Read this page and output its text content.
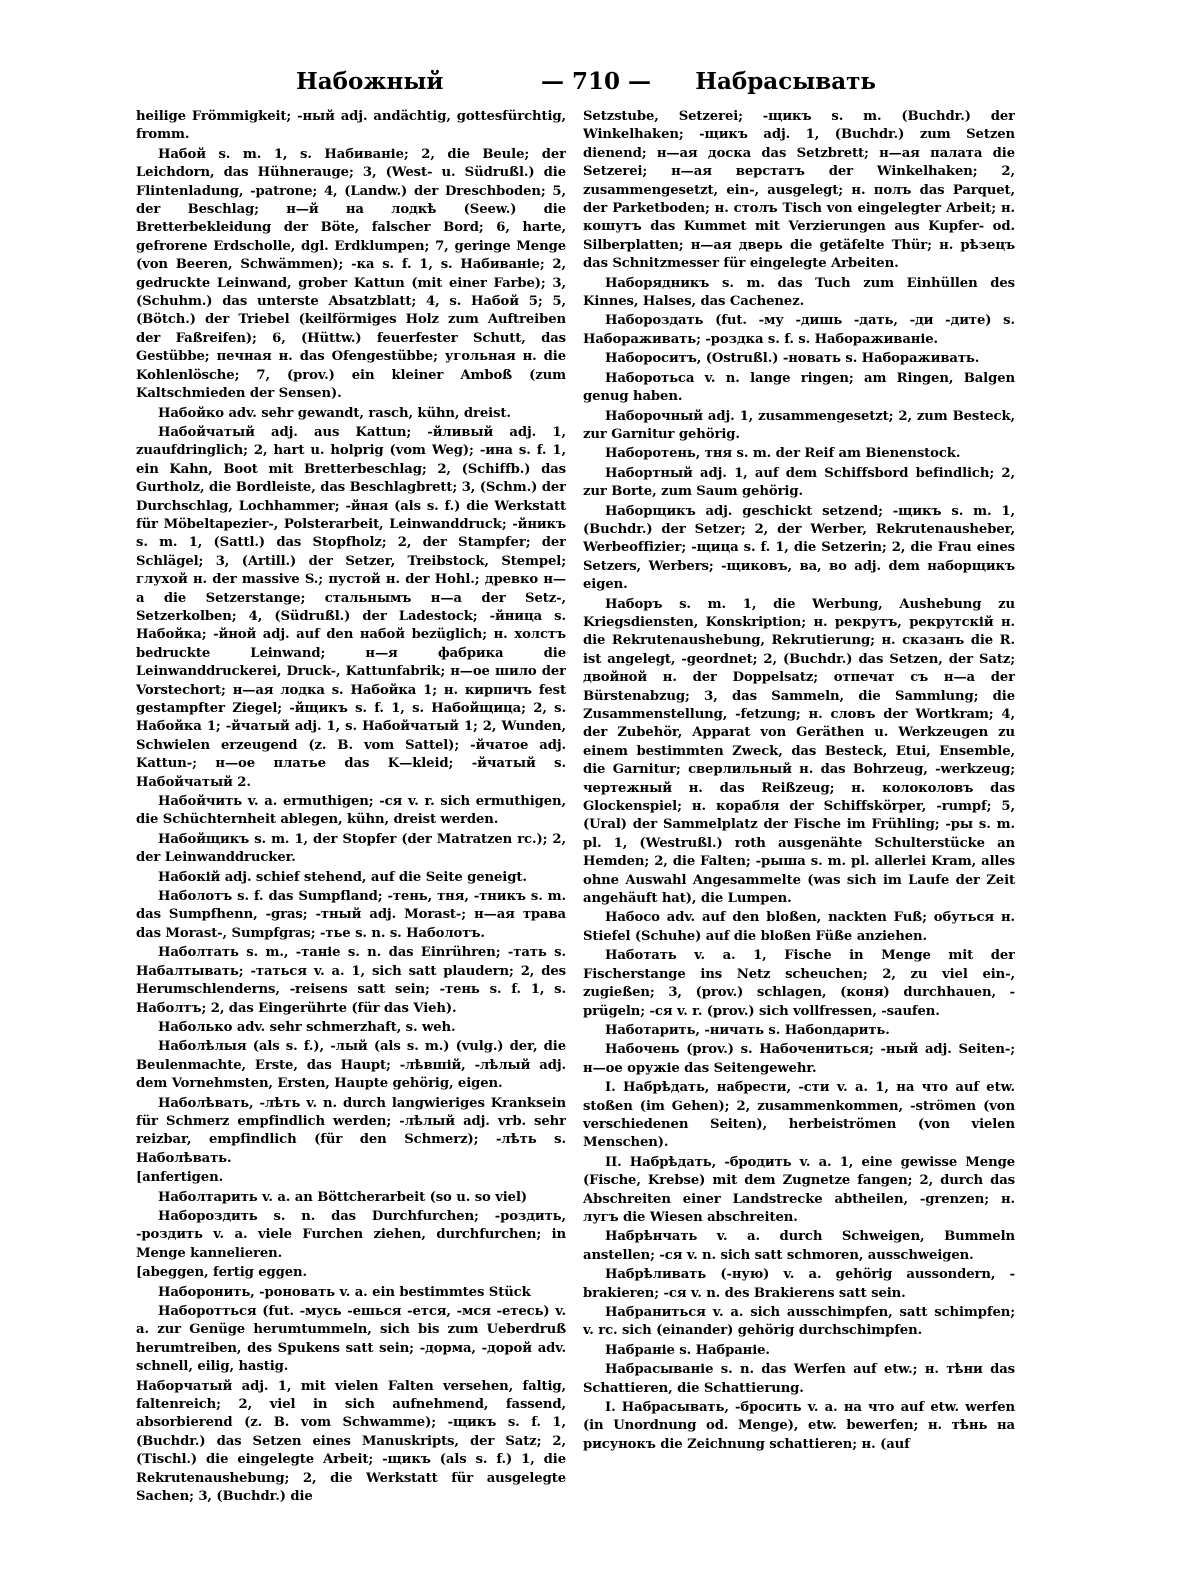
Набожный	— 710 — Набрасывать

heilige Frömmigkeit; -ный adj. andächtig, gottesfürchtig, fromm.

Набой s. m. 1, s. Набиваніе; 2, die Beule; der Leichdorn, das Hühnerauge; 3, (West- u. Südrußl.) die Flintenladung, -patrone; 4, (Landw.) der Dreschboden; 5, der Beschlag; н—й на лодкѣ (Seew.) die Bretterbekleidung der Böte, falscher Bord; 6, harte, gefrorene Erdscholle, dgl. Erdklumpen; 7, geringe Menge (von Beeren, Schwämmen); -ка s. f. 1, s. Набиваніе; 2, gedruckte Leinwand, grober Kattun (mit einer Farbe); 3, (Schuhm.) das unterste Absatzblatt; 4, s. Набой 5; 5, (Bötch.) der Triebel (keilförmiges Holz zum Auftreiben der Faßreifen); 6, (Hüttw.) feuerfester Schutt, das Gestübbe; печная н. das Ofengestübbe; угольная н. die Kohlenlösche; 7, (prov.) ein kleiner Amboß (zum Kaltschmieden der Sensen).

Набойко adv. sehr gewandt, rasch, kühn, dreist.

Набойчатый adj. aus Kattun; -йливый adj. 1, zuaufdringlich; 2, hart u. holprig (vom Weg); -ина s. f. 1, ein Kahn, Boot mit Bretterbeschlag; 2, (Schiffb.) das Gurtholz, die Bordleiste, das Beschlagbrett; 3, (Schm.) der Durchschlag, Lochhammer; -йная (als s. f.) die Werkstatt für Möbeltapezier-, Polsterarbeit, Leinwanddruck; -йникъ s. m. 1, (Sattl.) das Stopfholz; 2, der Stampfer; der Schlägel; 3, (Artill.) der Setzer, Treibstock, Stempel; глухой н. der massive S.; пустой н. der Hohl.; древко н—а die Setzerstange; стальнымъ н—а der Setz-, Setzerkolben; 4, (Südrußl.) der Ladestock; -йница s. Набойка; -йной adj. auf den набой bezüglich; н. холстъ bedruckte Leinwand; н—я фабрика die Leinwanddruckerei, Druck-, Kattunfabrik; н—ое шило der Vorstechort; н—ая лодка s. Набойка 1; н. кирпичъ fest gestampfter Ziegel; -йщикъ s. f. 1, s. Набойщица; 2, s. Набойка 1; -йчатый adj. 1, s. Набойчатый 1; 2, Wunden, Schwielen erzeugend (z. B. vom Sattel); -йчатое adj. Kattun-; н—ое платье das K—kleid; -йчатый s. Набойчатый 2.

Набойчить v. a. ermuthigen; -ся v. r. sich ermuthigen, die Schüchternheit ablegen, kühn, dreist werden.

Набойщикъ s. m. 1, der Stopfer (der Matratzen rc.); 2, der Leinwanddrucker.

Набокій adj. schief stehend, auf die Seite geneigt.

Наболотъ s. f. das Sumpfland; -тень, тня, -тникъ s. m. das Sumpfhenn, -gras; -тный adj. Morast-; н—ая трава das Morast-, Sumpfgras; -тье s. n. s. Наболотъ.

Наболтать s. m., -таніе s. n. das Einrühren; -тать s. Набалтывать; -таться v. a. 1, sich satt plaudern; 2, des Herumschlenderns, -reisens satt sein; -тень s. f. 1, s. Наболтъ; 2, das Eingerührte (für das Vieh).

Наболько adv. sehr schmerzhaft, s. weh.

Наболѣлыя (als s. f.), -лый (als s. m.) (vulg.) der, die Beulenmachte, Erste, das Haupt; -лѣвшій, -лѣлый adj. dem Vornehmsten, Ersten, Haupte gehörig, eigen.

Наболѣвать, -лѣть v. n. durch langwieriges Kranksein für Schmerz empfindlich werden; -лѣлый adj. vrb. sehr reizbar, empfindlich (für den Schmerz); -лѣть s. Наболѣвать.

[anfertigen.

Наболтарить v. a. an Böttcherarbeit (so u. so viel)

Набороздить s. n. das Durchfurchen; -роздить, -роздить v. a. viele Furchen ziehen, durchfurchen; in Menge kannelieren.

[abeggen, fertig eggen.

Наборонить, -роновать v. a. ein bestimmtes Stück

Наборотться (fut. -мусь -ешься -ется, -мся -етесь) v. a. zur Genüge herumtummeln, sich bis zum Ueberdruß herumtreiben, des Spukens satt sein; -дорма, -дорой adv. schnell, eilig, hastig.

Наборчатый adj. 1, mit vielen Falten versehen, faltig, faltenreich; 2, viel in sich aufnehmend, fassend, absorbierend (z. B. vom Schwamme); -щикъ s. f. 1, (Buchdr.) das Setzen eines Manuskripts, der Satz; 2, (Tischl.) die eingelegte Arbeit; -щикъ (als s. f.) 1, die Rekrutenaushebung; 2, die Werkstatt für ausgelegte Sachen; 3, (Buchdr.) die

Setzstube, Setzerei; -щикъ s. m. (Buchdr.) der Winkelhaken; -щикъ adj. 1, (Buchdr.) zum Setzen dienend; н—ая доска das Setzbrett; н—ая палата die Setzerei; н—ая верстатъ der Winkelhaken; 2, zusammengesetzt, ein-, ausgelegt; н. полъ das Parquet, der Parketboden; н. столъ Tisch von eingelegter Arbeit; н. кошутъ das Kummet mit Verzierungen aus Kupfer- od. Silberplatten; н—ая дверь die getäfelte Thür; н. рѣзецъ das Schnitzmesser für eingelegte Arbeiten.

Наборядникъ s. m. das Tuch zum Einhüllen des Kinnes, Halses, das Cachenez.

Набороздать (fut. -му -дишь -дать, -ди -дите) s. Набораживать; -роздка s. f. s. Набораживаніе.

Набороситъ, (Ostrußl.) -новать s. Набораживать.

Наборотьса v. n. lange ringen; am Ringen, Balgen genug haben.

Наборочный adj. 1, zusammengesetzt; 2, zum Besteck, zur Garnitur gehörig.

Наборотень, тня s. m. der Reif am Bienenstock.

Набортный adj. 1, auf dem Schiffsbord befindlich; 2, zur Borte, zum Saum gehörig.

Наборщикъ adj. geschickt setzend; -щикъ s. m. 1, (Buchdr.) der Setzer; 2, der Werber, Rekrutenausheber, Werbeoffizier; -щица s. f. 1, die Setzerin; 2, die Frau eines Setzers, Werbers; -щиковъ, ва, во adj. dem наборщикъ eigen.

Наборъ s. m. 1, die Werbung, Aushebung zu Kriegsdiensten, Konskription; н. рекрутъ, рекрутскій н. die Rekrutenaushebung, Rekrutierung; н. сказанъ die R. ist angelegt, -geordnet; 2, (Buchdr.) das Setzen, der Satz; двойной н. der Doppelsatz; отпечат съ н—а der Bürstenabzug; 3, das Sammeln, die Sammlung; die Zusammenstellung, -fetzung; н. словъ der Wortkram; 4, der Zubehör, Apparat von Geräthen u. Werkzeugen zu einem bestimmten Zweck, das Besteck, Etui, Ensemble, die Garnitur; сверлильный н. das Bohrzeug, -werkzeug; чертежный н. das Reißzeug; н. колоколовъ das Glockenspiel; н. корабля der Schiffskörper, -rumpf; 5, (Ural) der Sammelplatz der Fische im Frühling; -ры s. m. pl. 1, (Westrußl.) roth ausgenähte Schulterstücke an Hemden; 2, die Falten; -рыша s. m. pl. allerlei Kram, alles ohne Auswahl Angesammelte (was sich im Laufe der Zeit angehäuft hat), die Lumpen.

Набосо adv. auf den bloßen, nackten Fuß; обуться н. Stiefel (Schuhe) auf die bloßen Füße anziehen.

Наботать v. a. 1, Fische in Menge mit der Fischerstange ins Netz scheuchen; 2, zu viel ein-, zugießen; 3, (prov.) schlagen, (коня) durchhauen, -prügeln; -ся v. r. (prov.) sich vollfressen, -saufen.

Наботарить, -ничать s. Набоnдарить.

Набочень (prov.) s. Набочениться; -ный adj. Seiten-; н—ое оружіе das Seitengewehr.

I. Набрѣдать, набрести, -сти v. a. 1, на что auf etw. stoßen (im Gehen); 2, zusammenkommen, -strömen (von verschiedenen Seiten), herbeiströmen (von vielen Menschen).

II. Набрѣдать, -бродить v. a. 1, eine gewisse Menge (Fische, Krebse) mit dem Zugnetze fangen; 2, durch das Abschreiten einer Landstrecke abtheilen, -grenzen; н. лугъ die Wiesen abschreiten.

Набрѣнчать v. a. durch Schweigen, Bummeln anstellen; -ся v. n. sich satt schmoren, ausschweigen.

Набрѣливать (-ную) v. a. gehörig aussondern, -brakieren; -ся v. n. des Brakierens satt sein.

Набраниться v. a. sich ausschimpfen, satt schimpfen; v. rc. sich (einander) gehörig durchschimpfen.

Набраніе s. Набраніе.

Набрасываніе s. n. das Werfen auf etw.; н. тѣни das Schattieren, die Schattierung.

I. Набрасывать, -бросить v. a. на что auf etw. werfen (in Unordnung od. Menge), etw. bewerfen; н. тѣнь на рисунокъ die Zeichnung schattieren; н. (auf
